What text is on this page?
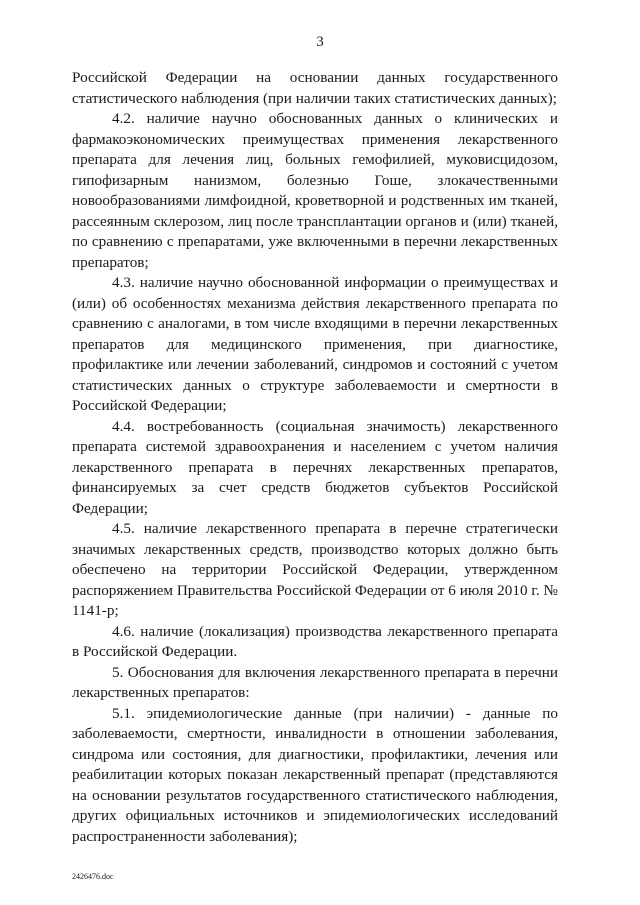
3

Российской Федерации на основании данных государственного статистического наблюдения (при наличии таких статистических данных);

4.2. наличие научно обоснованных данных о клинических и фармакоэкономических преимуществах применения лекарственного препарата для лечения лиц, больных гемофилией, муковисцидозом, гипофизарным нанизмом, болезнью Гоше, злокачественными новообразованиями лимфоидной, кроветворной и родственных им тканей, рассеянным склерозом, лиц после трансплантации органов и (или) тканей, по сравнению с препаратами, уже включенными в перечни лекарственных препаратов;

4.3. наличие научно обоснованной информации о преимуществах и (или) об особенностях механизма действия лекарственного препарата по сравнению с аналогами, в том числе входящими в перечни лекарственных препаратов для медицинского применения, при диагностике, профилактике или лечении заболеваний, синдромов и состояний с учетом статистических данных о структуре заболеваемости и смертности в Российской Федерации;

4.4. востребованность (социальная значимость) лекарственного препарата системой здравоохранения и населением с учетом наличия лекарственного препарата в перечнях лекарственных препаратов, финансируемых за счет средств бюджетов субъектов Российской Федерации;

4.5. наличие лекарственного препарата в перечне стратегически значимых лекарственных средств, производство которых должно быть обеспечено на территории Российской Федерации, утвержденном распоряжением Правительства Российской Федерации от 6 июля 2010 г. № 1141-р;

4.6. наличие (локализация) производства лекарственного препарата в Российской Федерации.

5. Обоснования для включения лекарственного препарата в перечни лекарственных препаратов:

5.1. эпидемиологические данные (при наличии) - данные по заболеваемости, смертности, инвалидности в отношении заболевания, синдрома или состояния, для диагностики, профилактики, лечения или реабилитации которых показан лекарственный препарат (представляются на основании результатов государственного статистического наблюдения, других официальных источников и эпидемиологических исследований распространенности заболевания);

2426476.doc
